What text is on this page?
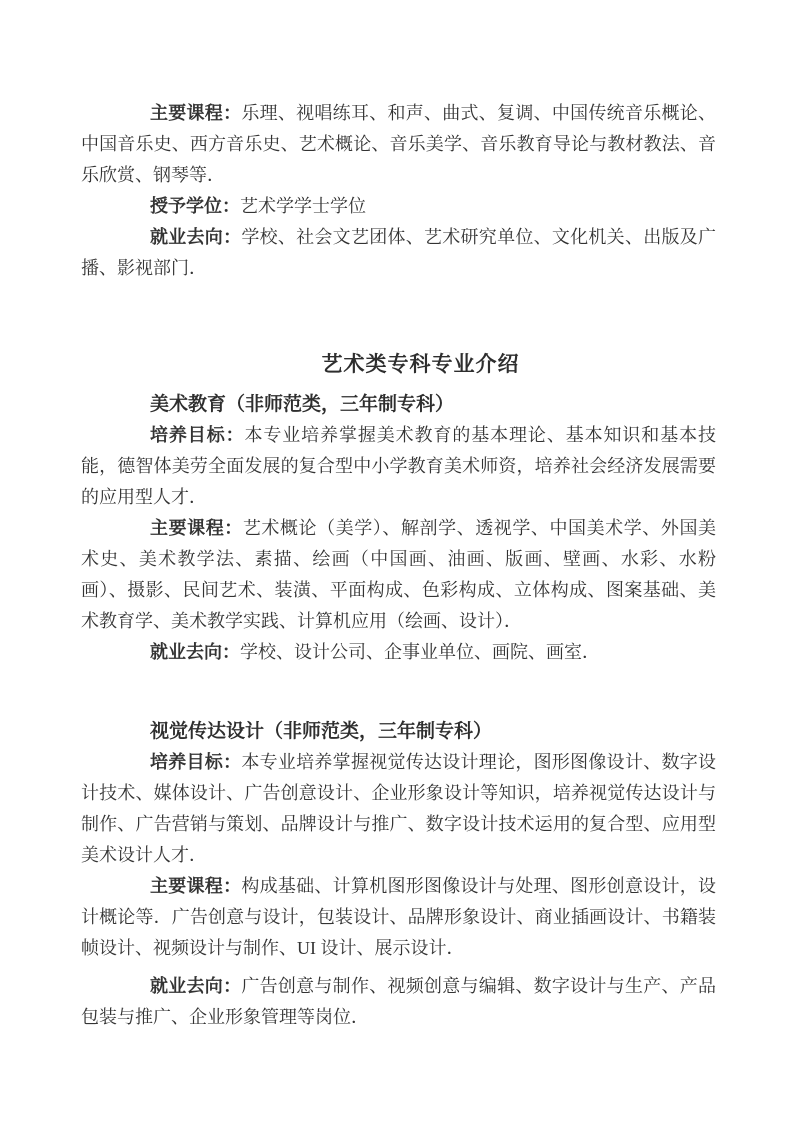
主要课程：乐理、视唱练耳、和声、曲式、复调、中国传统音乐概论、中国音乐史、西方音乐史、艺术概论、音乐美学、音乐教育导论与教材教法、音乐欣赏、钢琴等．

授予学位：艺术学学士学位

就业去向：学校、社会文艺团体、艺术研究单位、文化机关、出版及广播、影视部门．

艺术类专科专业介绍

美术教育（非师范类，三年制专科）

培养目标：本专业培养掌握美术教育的基本理论、基本知识和基本技能，德智体美劳全面发展的复合型中小学教育美术师资，培养社会经济发展需要的应用型人才．

主要课程：艺术概论（美学）、解剖学、透视学、中国美术学、外国美术史、美术教学法、素描、绘画（中国画、油画、版画、壁画、水彩、水粉画）、摄影、民间艺术、装潢、平面构成、色彩构成、立体构成、图案基础、美术教育学、美术教学实践、计算机应用（绘画、设计）．

就业去向：学校、设计公司、企事业单位、画院、画室．

视觉传达设计（非师范类，三年制专科）

培养目标：本专业培养掌握视觉传达设计理论，图形图像设计、数字设计技术、媒体设计、广告创意设计、企业形象设计等知识，培养视觉传达设计与制作、广告营销与策划、品牌设计与推广、数字设计技术运用的复合型、应用型美术设计人才．

主要课程：构成基础、计算机图形图像设计与处理、图形创意设计，设计概论等．广告创意与设计，包装设计、品牌形象设计、商业插画设计、书籍装帧设计、视频设计与制作、UI 设计、展示设计．

就业去向：广告创意与制作、视频创意与编辑、数字设计与生产、产品包装与推广、企业形象管理等岗位．
